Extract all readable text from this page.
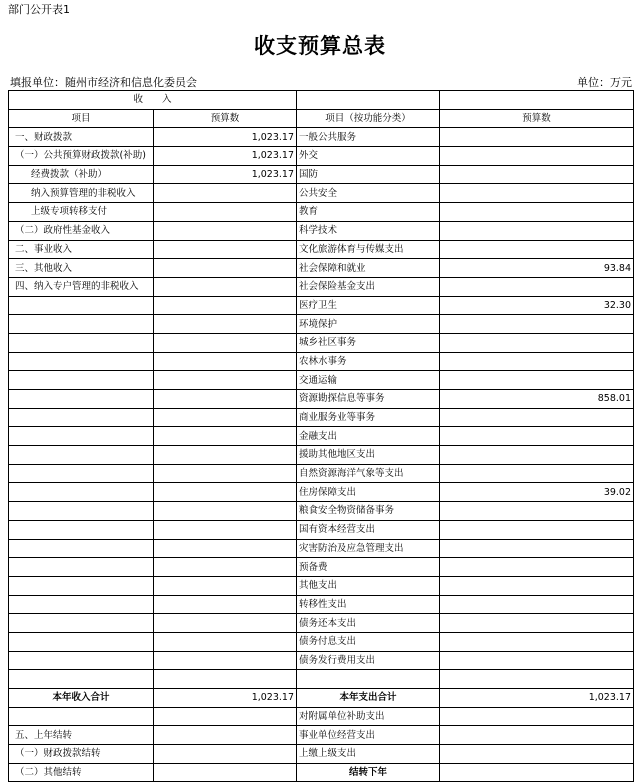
部门公开表1
收支预算总表
填报单位：随州市经济和信息化委员会	单位：万元
收　　入			
项目	预算数	项目（按功能分类）	预算数
一、财政拨款	1,023.17	一般公共服务	
（一）公共预算财政拨款(补助)	1,023.17	外交	
经费拨款（补助）	1,023.17	国防	
纳入预算管理的非税收入		公共安全	
上级专项转移支付		教育	
（二）政府性基金收入		科学技术	
二、事业收入		文化旅游体育与传媒支出	
三、其他收入		社会保障和就业	93.84
四、纳入专户管理的非税收入		社会保险基金支出	
		医疗卫生	32.30
		环境保护	
		城乡社区事务	
		农林水事务	
		交通运输	
		资源勘探信息等事务	858.01
		商业服务业等事务	
		金融支出	
		援助其他地区支出	
		自然资源海洋气象等支出	
		住房保障支出	39.02
		粮食安全物资储备事务	
		国有资本经营支出	
		灾害防治及应急管理支出	
		预备费	
		其他支出	
		转移性支出	
		债务还本支出	
		债务付息支出	
		债务发行费用支出	

本年收入合计	1,023.17	本年支出合计	1,023.17
		对附属单位补助支出	
五、上年结转		事业单位经营支出	
（一）财政拨款结转		上缴上级支出	
（二）其他结转		结转下年	
